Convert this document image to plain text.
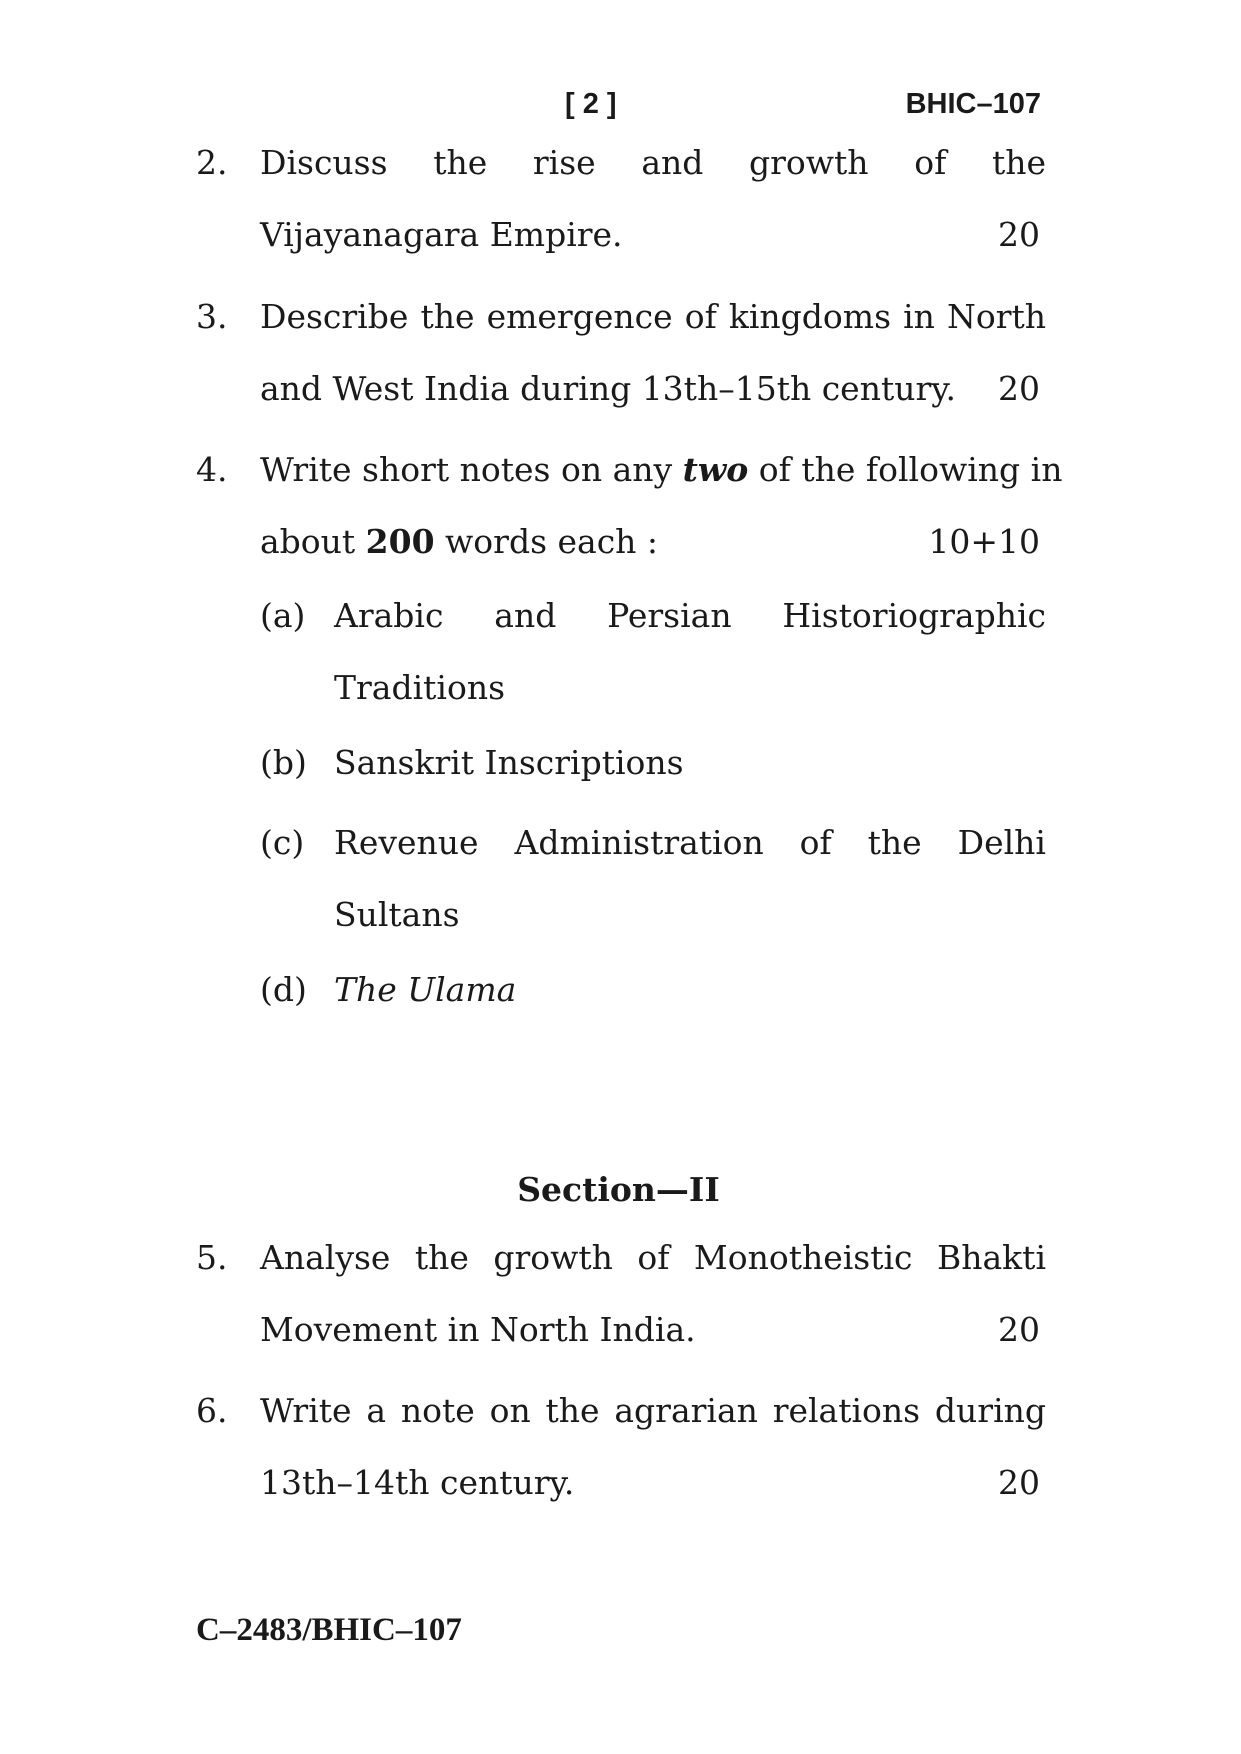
[ 2 ]	BHIC–107
2. Discuss the rise and growth of the
Vijayanagara Empire.	20
3. Describe the emergence of kingdoms in North
and West India during 13th–15th century. 20
4. Write short notes on any two of the following in
about 200 words each :	10+10
(a) Arabic and Persian Historiographic
Traditions
(b) Sanskrit Inscriptions
(c) Revenue Administration of the Delhi
Sultans
(d) The Ulama
Section—II
5. Analyse the growth of Monotheistic Bhakti
Movement in North India.	20
6. Write a note on the agrarian relations during
13th–14th century.	20
C–2483/BHIC–107
